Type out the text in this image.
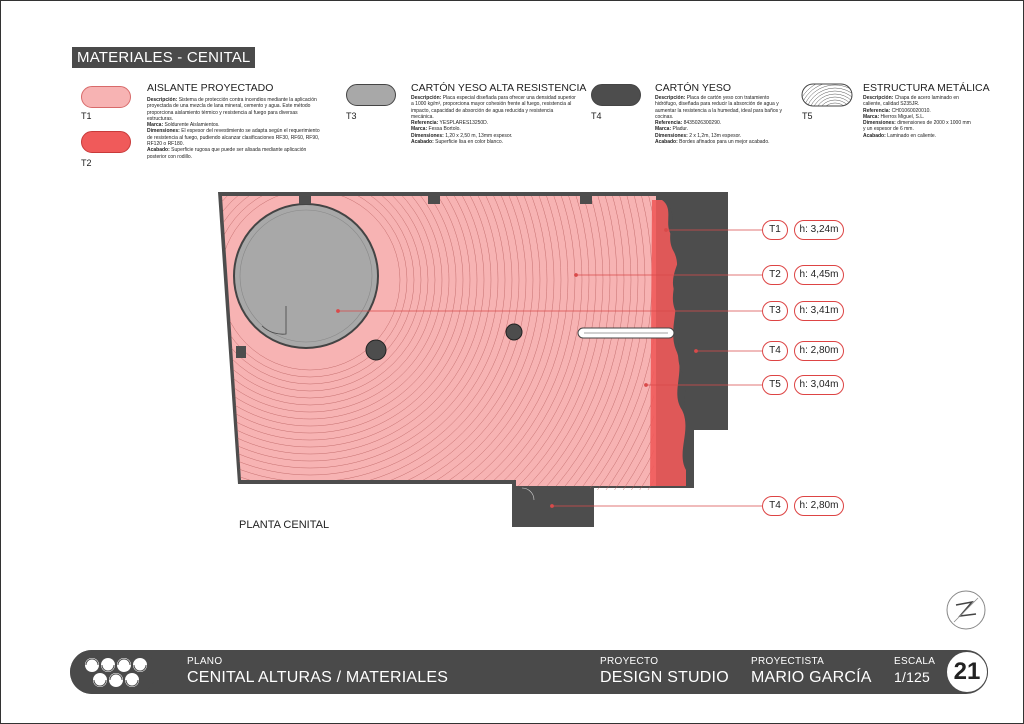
MATERIALES - CENITAL
T1
T2
AISLANTE PROYECTADO
Descripción: Sistema de protección contra incendios mediante la aplicación proyectada de una mezcla de lana mineral, cemento y agua. Este método proporciona aislamiento térmico y resistencia al fuego para diversas estructuras.
Marca: Soldurente Aislamientos.
Dimensiones: El espesor del revestimiento se adapta según el requerimiento de resistencia al fuego, pudiendo alcanzar clasificaciones RF30, RF60, RF90, RF120 o RF180.
Acabado: Superficie rugosa que puede ser alisada mediante aplicación posterior con rodillo.
T3
CARTÓN YESO ALTA RESISTENCIA
Descripción: Placa especial diseñada para ofrecer una densidad superior a 1000 kg/m³, proporciona mayor cohesión frente al fuego, resistencia al impacto, capacidad de absorción de agua reducida y resistencia mecánica.
Referencia: YESPLARES13250D.
Marca: Fessa Bortolo.
Dimensiones: 1,20 x 2,50 m, 13mm espesor.
Acabado: Superficie lisa en color blanco.
T4
CARTÓN YESO
Descripción: Placa de cartón yeso con tratamiento hidrófugo, diseñada para reducir la absorción de agua y aumentar la resistencia a la humedad, ideal para baños y cocinas.
Referencia: 8435026300290.
Marca: Pladur.
Dimensiones: 2 x 1,2m, 13m espesor.
Acabado: Bordes afinados para un mejor acabado.
T5
ESTRUCTURA METÁLICA
Descripción: Chapa de acero laminado en caliente, calidad S235JR.
Referencia: CH01060020010.
Marca: Hierros Miguel, S.L.
Dimensiones: dimensiones de 2000 x 1000 mm y un espesor de 6 mm.
Acabado: Laminado en caliente.
PLANTA CENITAL
T1	h: 3,24m
T2	h: 4,45m
T3	h: 3,41m
T4	h: 2,80m
T5	h: 3,04m
T4	h: 2,80m
PLANO
CENITAL ALTURAS / MATERIALES
PROYECTO
DESIGN STUDIO
PROYECTISTA
MARIO GARCÍA
ESCALA
1/125 21
